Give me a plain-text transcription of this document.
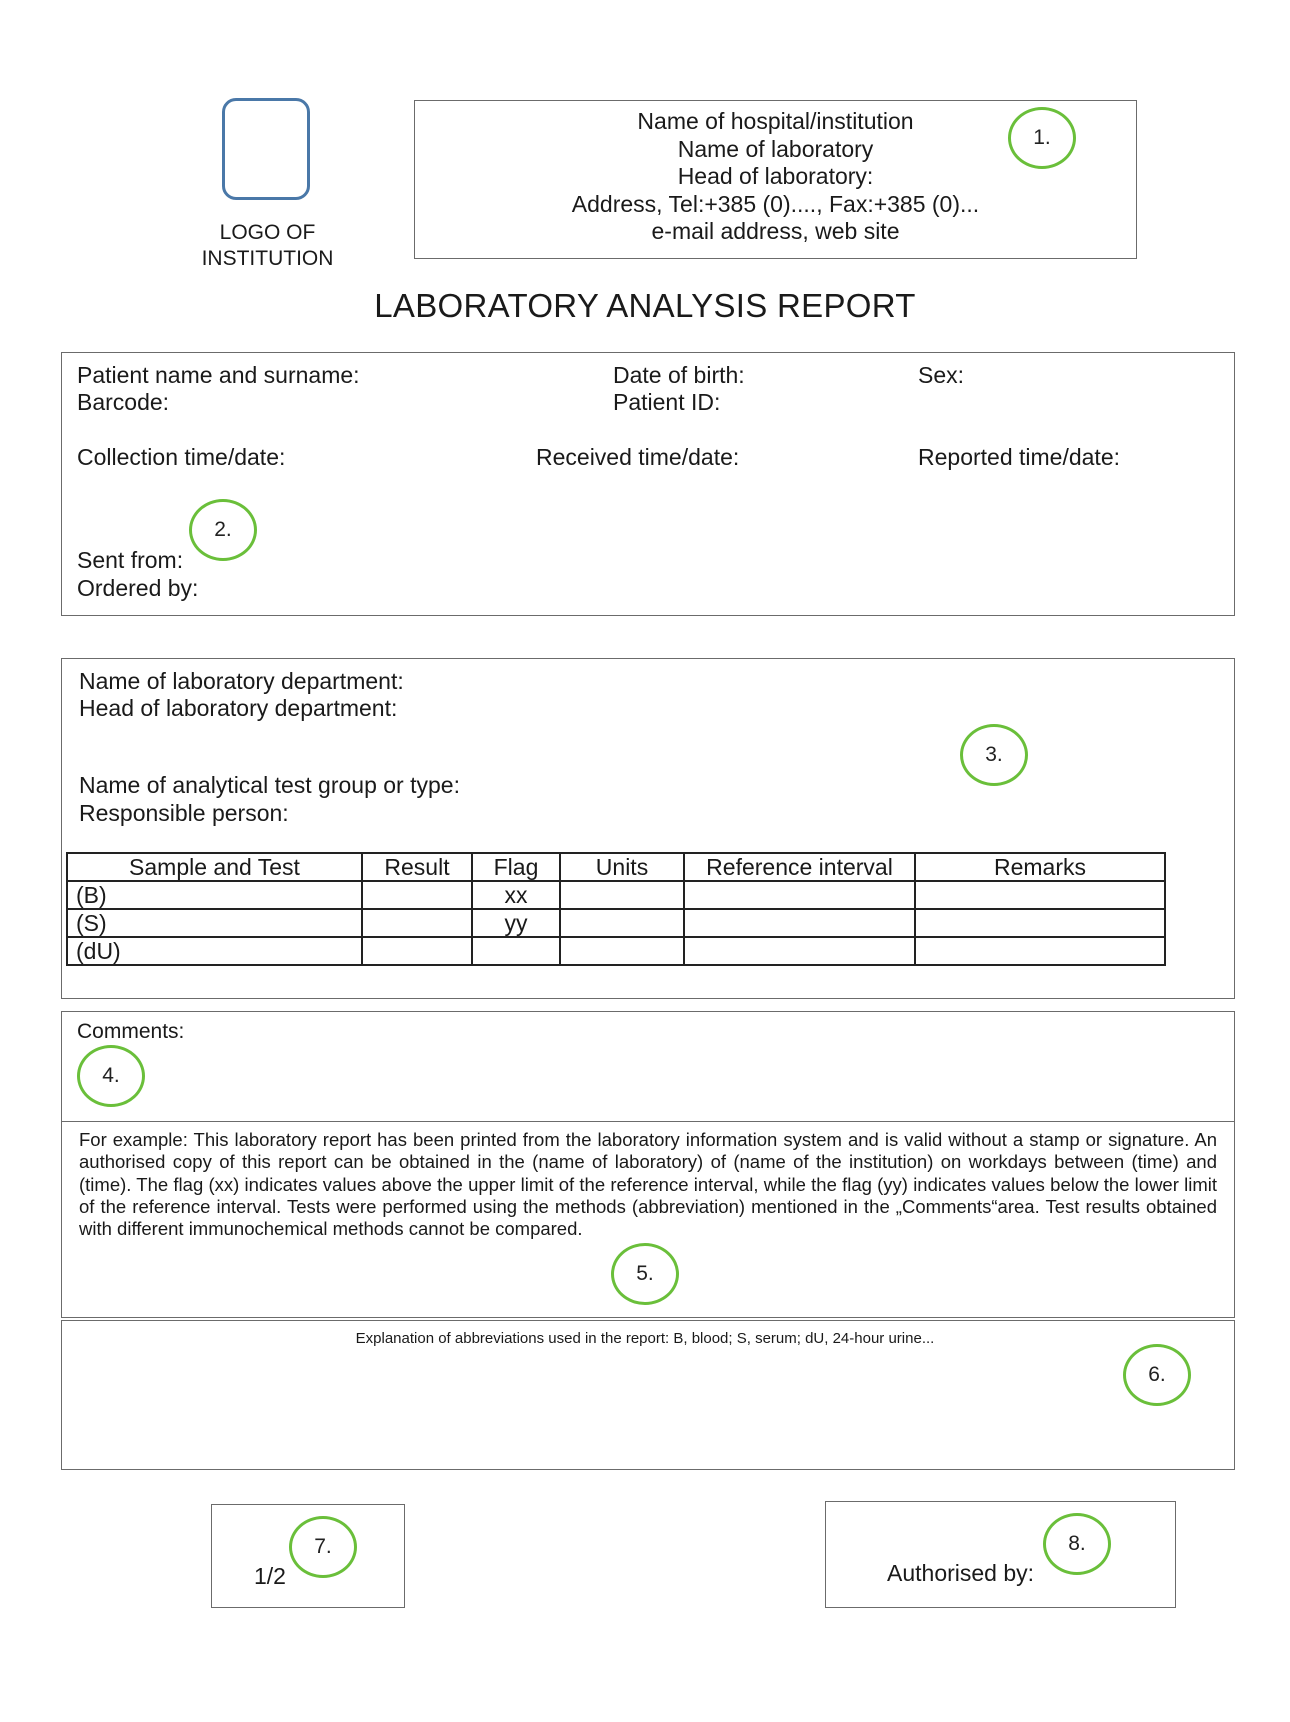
LOGO OF
INSTITUTION
Name of hospital/institution
Name of laboratory
Head of laboratory:
Address, Tel:+385 (0)...., Fax:+385 (0)...
e-mail address, web site
1.
LABORATORY ANALYSIS REPORT
Patient name and surname:
Barcode:
Date of birth:
Patient ID:
Sex:
Collection time/date:	Received time/date:	Reported time/date:
Sent from:
Ordered by:
2.
Name of laboratory department:
Head of laboratory department:
Name of analytical test group or type:
Responsible person:
3.
Sample and Test	Result	Flag	Units	Reference interval	Remarks
(B)		xx			
(S)		yy			
(dU)					
Comments:
4.
For example: This laboratory report has been printed from the laboratory information system and is valid without a stamp or signature. An authorised copy of this report can be obtained in the (name of laboratory) of (name of the institution) on workdays between (time) and (time). The flag (xx) indicates values above the upper limit of the reference interval, while the flag (yy) indicates values below the lower limit of the reference interval. Tests were performed using the methods (abbreviation) mentioned in the „Comments“area. Test results obtained with different immunochemical methods cannot be compared.
5.
Explanation of abbreviations used in the report: B, blood; S, serum; dU, 24-hour urine...
6.
1/2
7.
Authorised by:
8.
